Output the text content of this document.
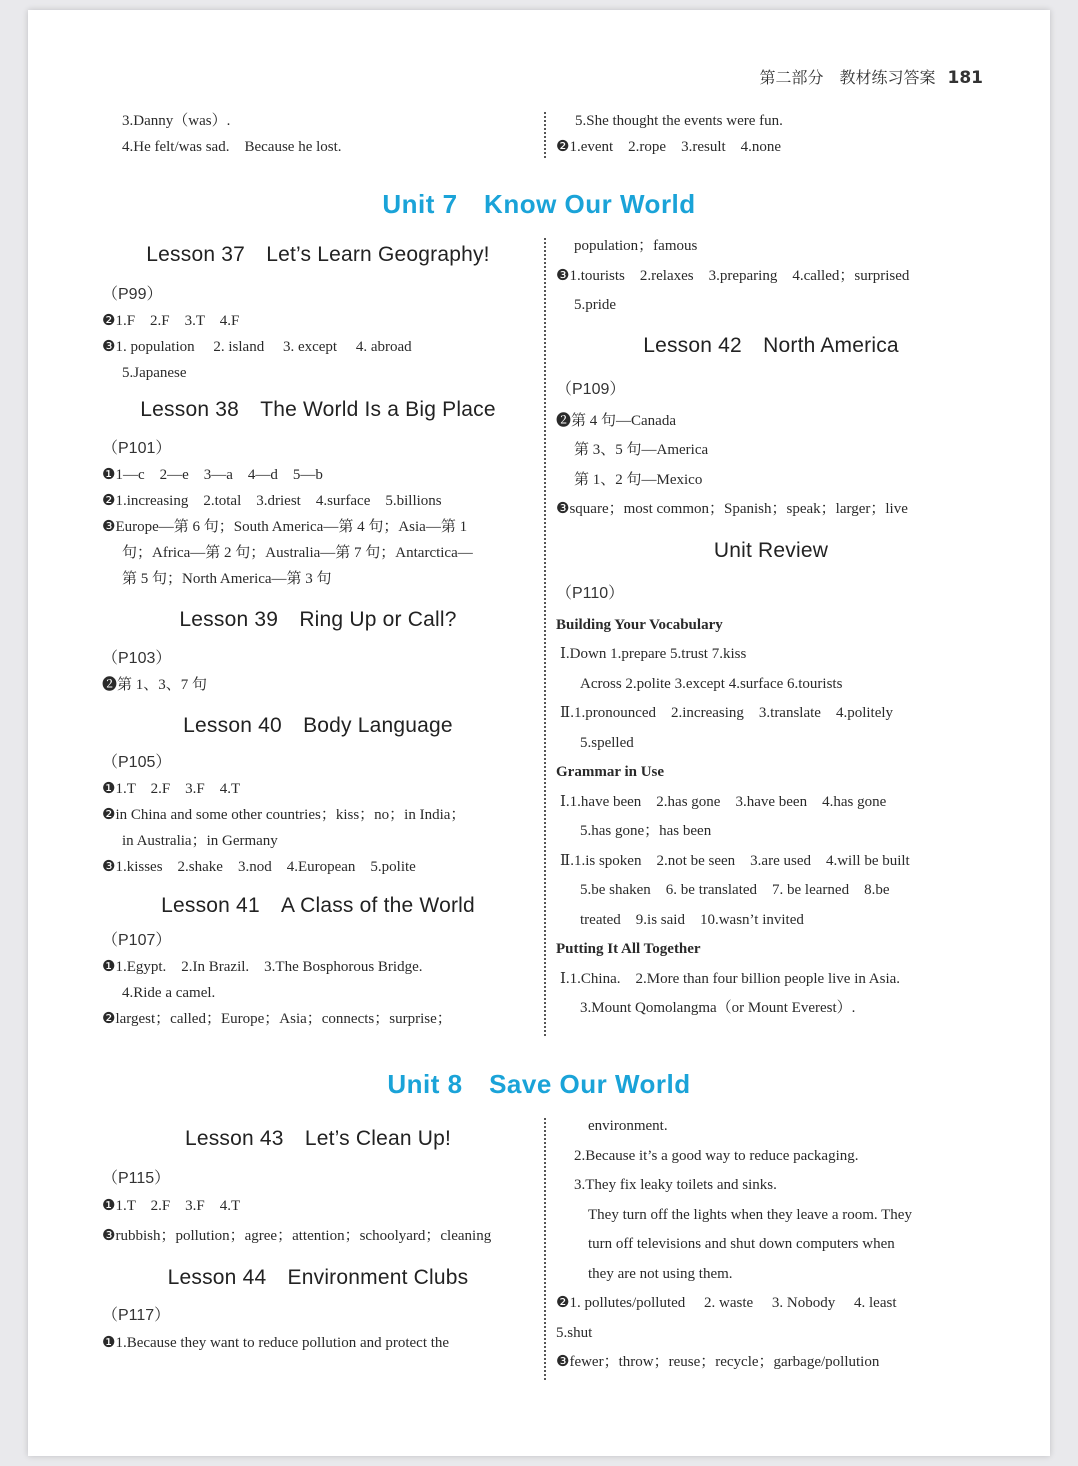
第二部分　教材练习答案 181
3.Danny（was）.
4.He felt/was sad.　Because he lost.
5.She thought the events were fun.
❷1.event　2.rope　3.result　4.none
Unit 7　Know Our World
Lesson 37　Let’s Learn Geography!
（P99）
❷1.F　2.F　3.T　4.F
❸1. population　 2. island　 3. except　 4. abroad
5.Japanese
Lesson 38　The World Is a Big Place
（P101）
❶1—c　2—e　3—a　4—d　5—b
❷1.increasing　2.total　3.driest　4.surface　5.billions
❸Europe—第 6 句；South America—第 4 句；Asia—第 1
句；Africa—第 2 句；Australia—第 7 句；Antarctica—
第 5 句；North America—第 3 句
Lesson 39　Ring Up or Call?
（P103）
❷第 1、3、7 句
Lesson 40　Body Language
（P105）
❶1.T　2.F　3.F　4.T
❷in China and some other countries；kiss；no；in India；
in Australia；in Germany
❸1.kisses　2.shake　3.nod　4.European　5.polite
Lesson 41　A Class of the World
（P107）
❶1.Egypt.　2.In Brazil.　3.The Bosphorous Bridge.
4.Ride a camel.
❷largest；called；Europe；Asia；connects；surprise；
population；famous
❸1.tourists　2.relaxes　3.preparing　4.called；surprised
5.pride
Lesson 42　North America
（P109）
❷第 4 句—Canada
第 3、5 句—America
第 1、2 句—Mexico
❸square；most common；Spanish；speak；larger；live
Unit Review
（P110）
Building Your Vocabulary
Ⅰ.Down 1.prepare 5.trust 7.kiss
Across 2.polite 3.except 4.surface 6.tourists
Ⅱ.1.pronounced　2.increasing　3.translate　4.politely
5.spelled
Grammar in Use
Ⅰ.1.have been　2.has gone　3.have been　4.has gone
5.has gone；has been
Ⅱ.1.is spoken　2.not be seen　3.are used　4.will be built
5.be shaken　6. be translated　7. be learned　8.be
treated　9.is said　10.wasn’t invited
Putting It All Together
Ⅰ.1.China.　2.More than four billion people live in Asia.
3.Mount Qomolangma（or Mount Everest）.
Unit 8　Save Our World
Lesson 43　Let’s Clean Up!
（P115）
❶1.T　2.F　3.F　4.T
❸rubbish；pollution；agree；attention；schoolyard；cleaning
Lesson 44　Environment Clubs
（P117）
❶1.Because they want to reduce pollution and protect the
environment.
2.Because it’s a good way to reduce packaging.
3.They fix leaky toilets and sinks.
They turn off the lights when they leave a room. They
turn off televisions and shut down computers when
they are not using them.
❷1. pollutes/polluted　 2. waste　 3. Nobody　 4. least
5.shut
❸fewer；throw；reuse；recycle；garbage/pollution
